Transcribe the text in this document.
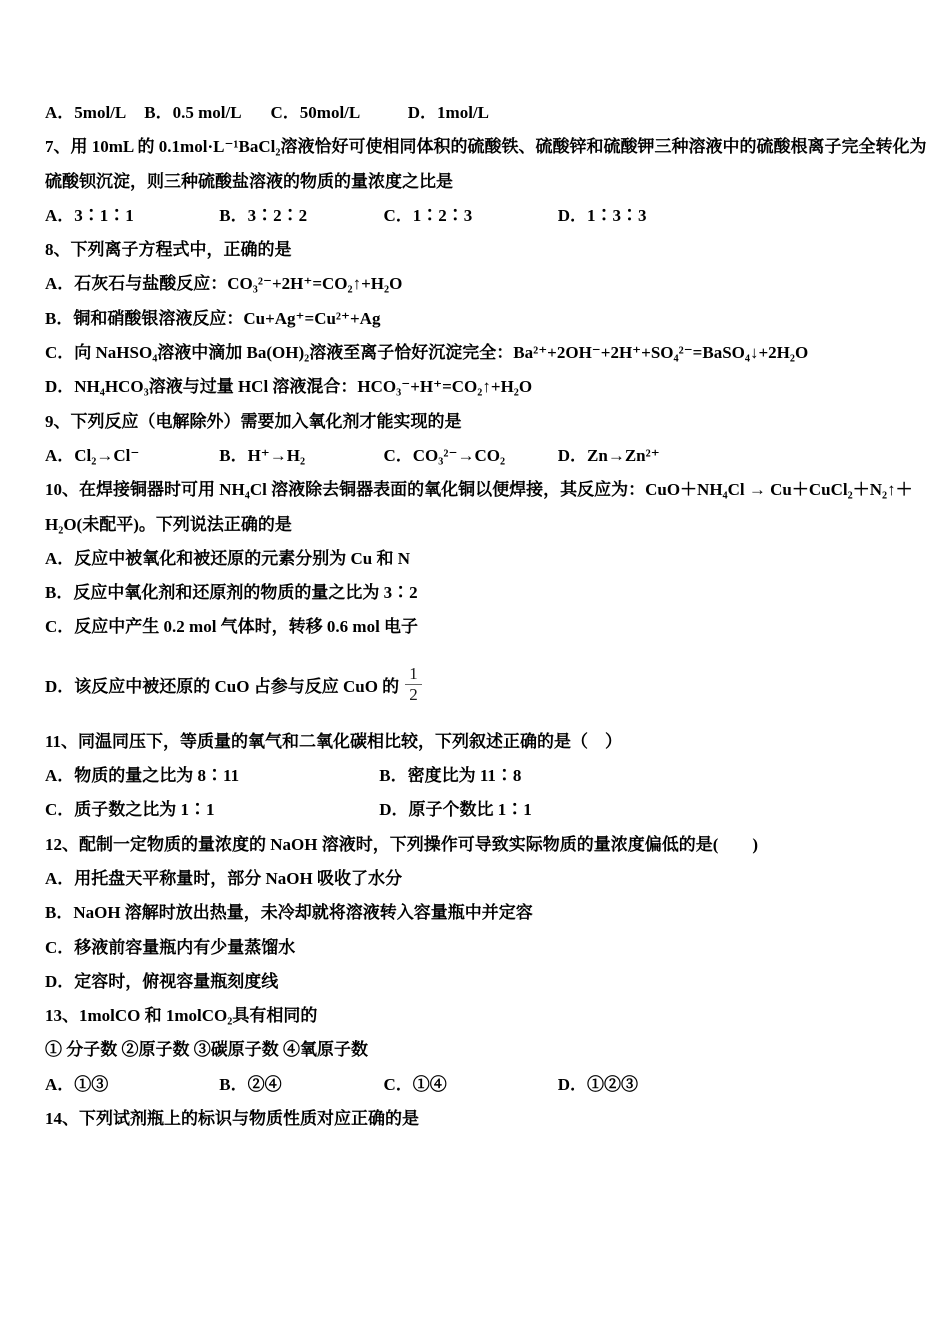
A．5mol/L B．0.5 mol/L C．50mol/L	D．1mol/L
7、用 10mL 的 0.1mol·L⁻¹BaCl₂溶液恰好可使相同体积的硫酸铁、硫酸锌和硫酸钾三种溶液中的硫酸根离子完全转化为
硫酸钡沉淀，则三种硫酸盐溶液的物质的量浓度之比是
A．3∶1∶1	B．3∶2∶2	C．1∶2∶3	D．1∶3∶3
8、下列离子方程式中，正确的是
A．石灰石与盐酸反应：CO₃²⁻+2H⁺=CO₂↑+H₂O
B．铜和硝酸银溶液反应：Cu+Ag⁺=Cu²⁺+Ag
C．向 NaHSO₄溶液中滴加 Ba(OH)₂溶液至离子恰好沉淀完全：Ba²⁺+2OH⁻+2H⁺+SO₄²⁻=BaSO₄↓+2H₂O
D．NH₄HCO₃溶液与过量 HCl 溶液混合：HCO₃⁻+H⁺=CO₂↑+H₂O
9、下列反应（电解除外）需要加入氧化剂才能实现的是
A．Cl₂→Cl⁻	B．H⁺→H₂	C．CO₃²⁻→CO₂	D．Zn→Zn²⁺
10、在焊接铜器时可用 NH₄Cl 溶液除去铜器表面的氧化铜以便焊接，其反应为：CuO＋NH₄Cl → Cu＋CuCl₂＋N₂↑＋
H₂O(未配平)。下列说法正确的是
A．反应中被氧化和被还原的元素分别为 Cu 和 N
B．反应中氧化剂和还原剂的物质的量之比为 3∶2
C．反应中产生 0.2 mol 气体时，转移 0.6 mol 电子
D．该反应中被还原的 CuO 占参与反应 CuO 的 $\frac{1}{2}$
11、同温同压下，等质量的氧气和二氧化碳相比较，下列叙述正确的是（　）
A．物质的量之比为 8∶11	B．密度比为 11∶8
C．质子数之比为 1∶1	D．原子个数比 1∶1
12、配制一定物质的量浓度的 NaOH 溶液时，下列操作可导致实际物质的量浓度偏低的是(　　)
A．用托盘天平称量时，部分 NaOH 吸收了水分
B．NaOH 溶解时放出热量，未冷却就将溶液转入容量瓶中并定容
C．移液前容量瓶内有少量蒸馏水
D．定容时，俯视容量瓶刻度线
13、1molCO 和 1molCO₂具有相同的
① 分子数 ②原子数 ③碳原子数 ④氧原子数
A．①③	B．②④	C．①④	D．①②③
14、下列试剂瓶上的标识与物质性质对应正确的是
